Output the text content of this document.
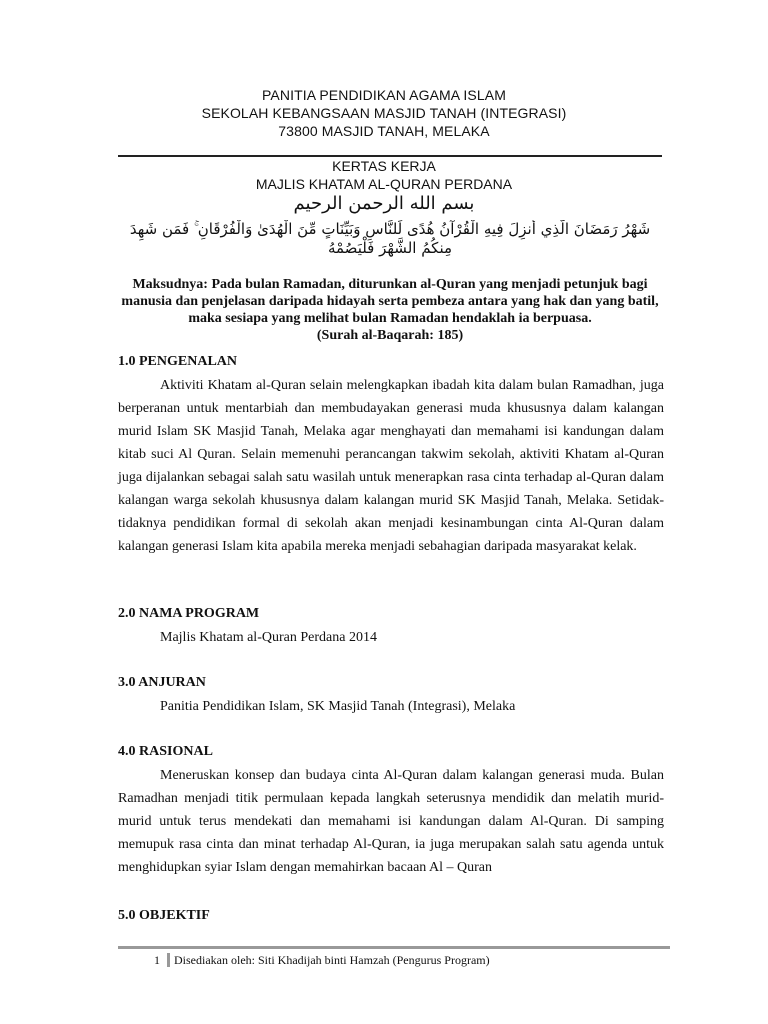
PANITIA PENDIDIKAN AGAMA ISLAM
SEKOLAH KEBANGSAAN MASJID TANAH (INTEGRASI)
73800 MASJID TANAH, MELAKA
KERTAS KERJA
MAJLIS KHATAM AL-QURAN PERDANA
بسم الله الرحمن الرحيم
شَهْرُ رَمَضَانَ الَّذِي أُنزِلَ فِيهِ الْقُرْآنُ هُدًى لِّلنَّاسِ وَبَيِّنَاتٍ مِّنَ الْهُدَىٰ وَالْفُرْقَانِ ۚ فَمَن شَهِدَ مِنكُمُ الشَّهْرَ فَلْيَصُمْهُ
Maksudnya: Pada bulan Ramadan, diturunkan al-Quran yang menjadi petunjuk bagi
manusia dan penjelasan daripada hidayah serta pembeza antara yang hak dan yang batil,
maka sesiapa yang melihat bulan Ramadan hendaklah ia berpuasa.
(Surah al-Baqarah: 185)
1.0 PENGENALAN
Aktiviti Khatam al-Quran selain melengkapkan ibadah kita dalam bulan Ramadhan, juga berperanan untuk mentarbiah dan membudayakan generasi muda khususnya dalam kalangan murid Islam SK Masjid Tanah, Melaka agar menghayati dan memahami isi kandungan dalam kitab suci Al Quran. Selain memenuhi perancangan takwim sekolah, aktiviti Khatam al-Quran juga dijalankan sebagai salah satu wasilah untuk menerapkan rasa cinta terhadap al-Quran dalam kalangan warga sekolah khususnya dalam kalangan murid SK Masjid Tanah, Melaka. Setidak-tidaknya pendidikan formal di sekolah akan menjadi kesinambungan cinta Al-Quran dalam kalangan generasi Islam kita apabila mereka menjadi sebahagian daripada masyarakat kelak.
2.0 NAMA PROGRAM
Majlis Khatam al-Quran Perdana 2014
3.0 ANJURAN
Panitia Pendidikan Islam, SK Masjid Tanah (Integrasi), Melaka
4.0 RASIONAL
Meneruskan konsep dan budaya cinta Al-Quran dalam kalangan generasi muda. Bulan Ramadhan menjadi titik permulaan kepada langkah seterusnya mendidik dan melatih murid-murid untuk terus mendekati dan memahami isi kandungan dalam Al-Quran. Di samping memupuk rasa cinta dan minat terhadap Al-Quran, ia juga merupakan salah satu agenda untuk menghidupkan syiar Islam dengan memahirkan bacaan Al – Quran
5.0 OBJEKTIF
1 Disediakan oleh: Siti Khadijah binti Hamzah (Pengurus Program)
